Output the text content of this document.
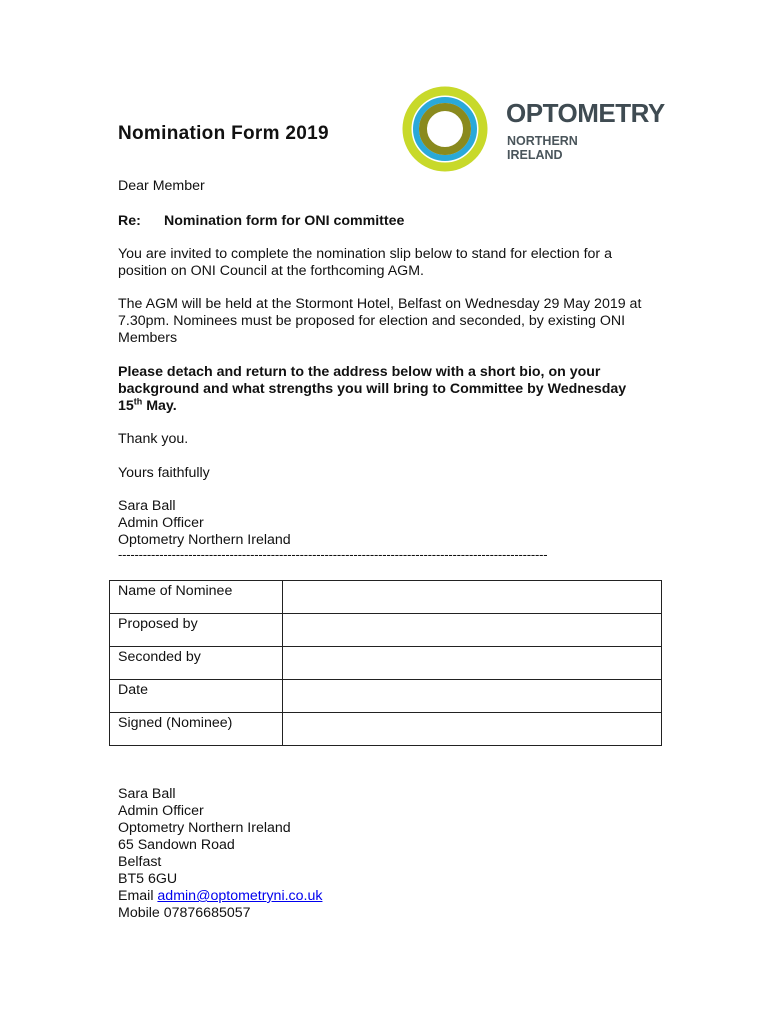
Nomination Form 2019
OPTOMETRY
NORTHERN
IRELAND
Dear Member
Re: Nomination form for ONI committee
You are invited to complete the nomination slip below to stand for election for a position on ONI Council at the forthcoming AGM.
The AGM will be held at the Stormont Hotel, Belfast on Wednesday 29 May 2019 at 7.30pm. Nominees must be proposed for election and seconded, by existing ONI Members
Please detach and return to the address below with a short bio, on your background and what strengths you will bring to Committee by Wednesday 15th May.
Thank you.
Yours faithfully
Sara Ball
Admin Officer
Optometry Northern Ireland
--------------------------------------------------------------------------------------------------------
Name of Nominee	
Proposed by	
Seconded by	
Date	
Signed (Nominee)	
Sara Ball
Admin Officer
Optometry Northern Ireland
65 Sandown Road
Belfast
BT5 6GU
Email admin@optometryni.co.uk
Mobile 07876685057
